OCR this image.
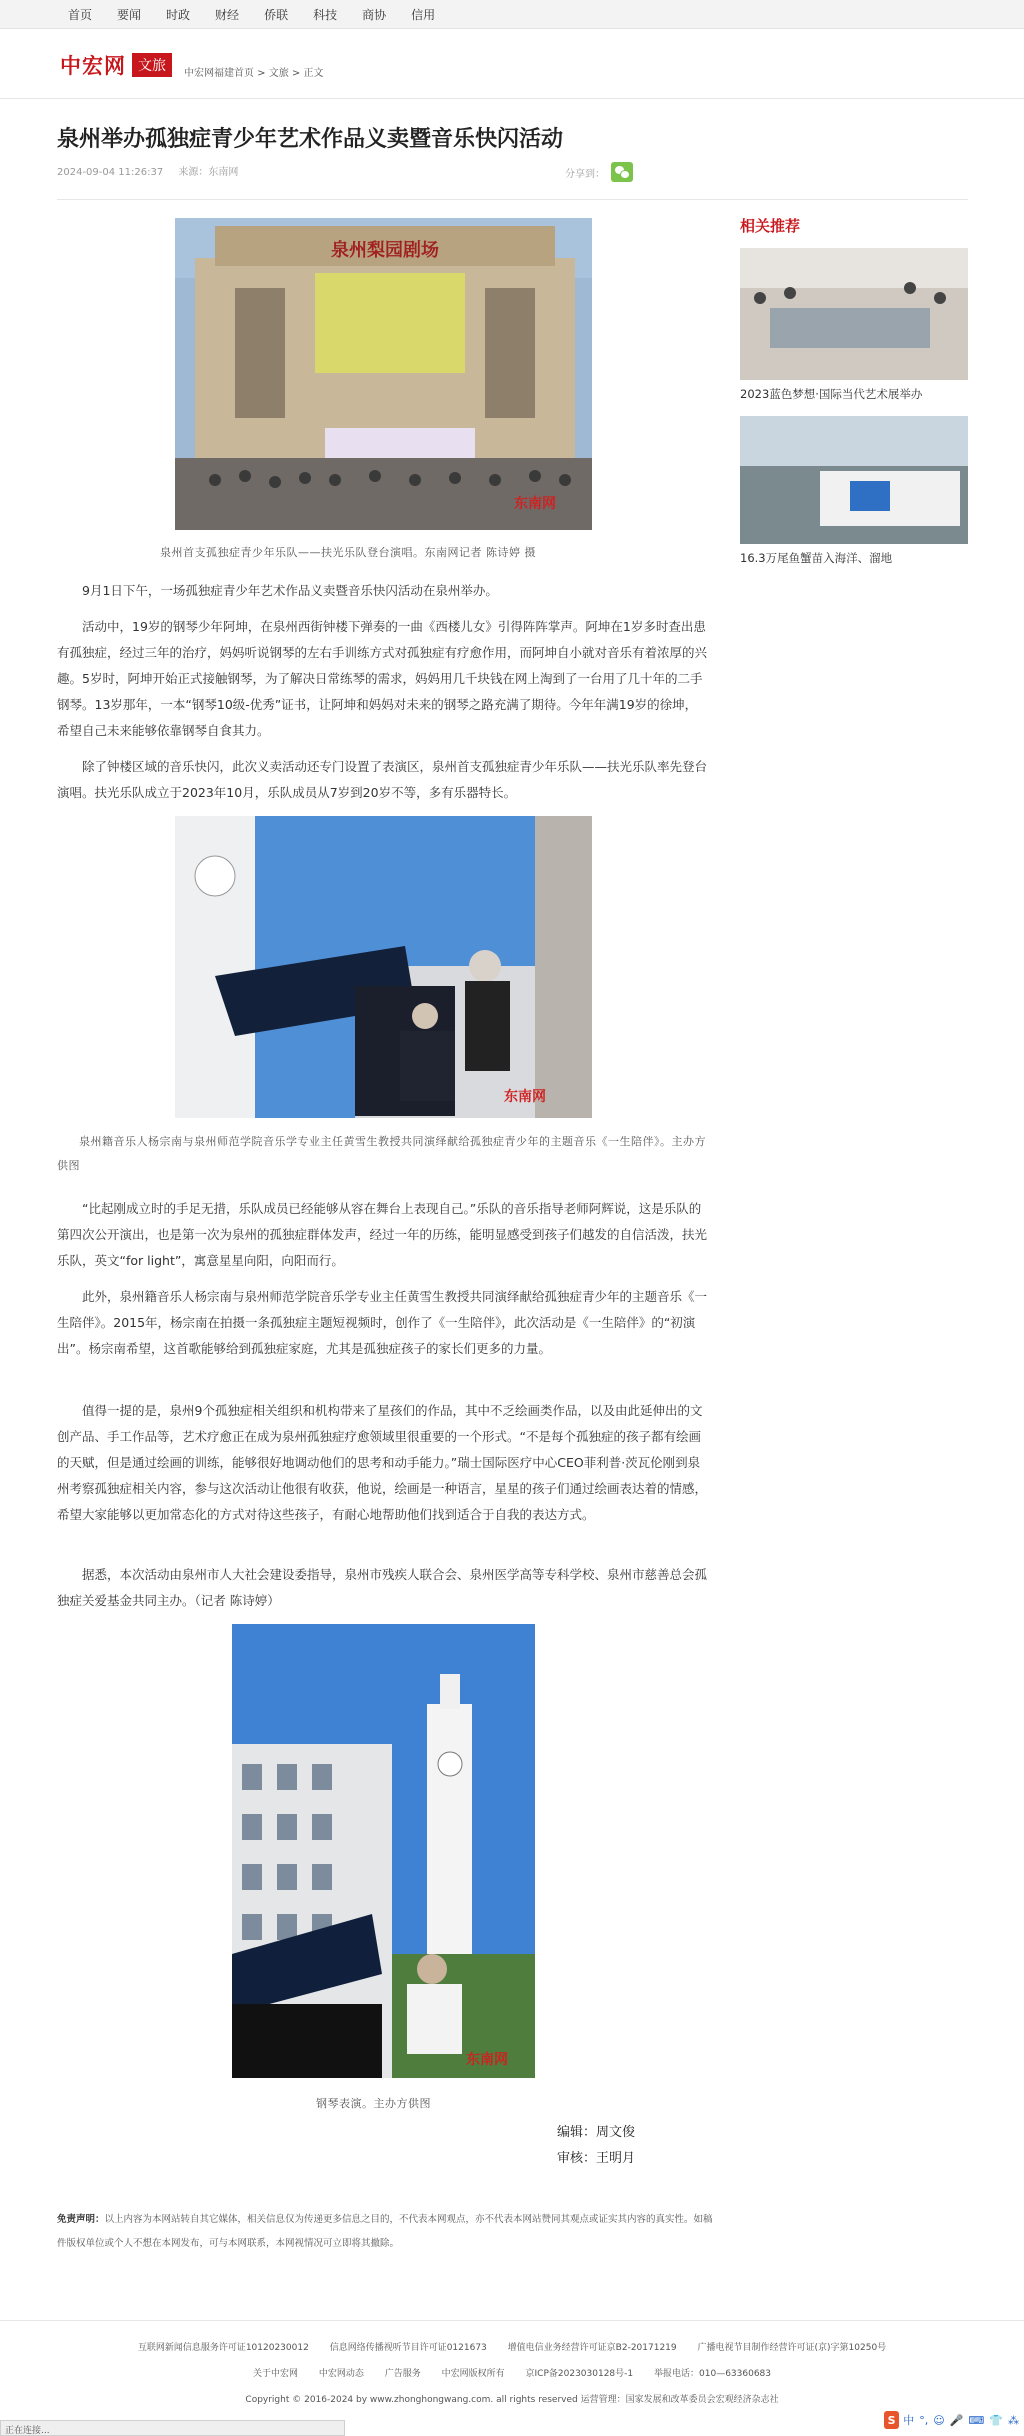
首页 要闻 时政 财经 侨联 科技 商协 信用
中宏网 文旅	中宏网福建首页 > 文旅 > 正文
泉州举办孤独症青少年艺术作品义卖暨音乐快闪活动
2024-09-04 11:26:37 来源：东南网	分享到：
泉州梨园剧场
东南网
泉州首支孤独症青少年乐队——扶光乐队登台演唱。东南网记者 陈诗婷 摄

9月1日下午，一场孤独症青少年艺术作品义卖暨音乐快闪活动在泉州举办。

活动中，19岁的钢琴少年阿坤，在泉州西街钟楼下弹奏的一曲《西楼儿女》引得阵阵掌声。阿坤在1岁多时查出患有孤独症，经过三年的治疗，妈妈听说钢琴的左右手训练方式对孤独症有疗愈作用，而阿坤自小就对音乐有着浓厚的兴趣。5岁时，阿坤开始正式接触钢琴，为了解决日常练琴的需求，妈妈用几千块钱在网上淘到了一台用了几十年的二手钢琴。13岁那年，一本“钢琴10级-优秀”证书，让阿坤和妈妈对未来的钢琴之路充满了期待。今年年满19岁的徐坤，希望自己未来能够依靠钢琴自食其力。

除了钟楼区域的音乐快闪，此次义卖活动还专门设置了表演区，泉州首支孤独症青少年乐队——扶光乐队率先登台演唱。扶光乐队成立于2023年10月，乐队成员从7岁到20岁不等，多有乐器特长。

东南网
泉州籍音乐人杨宗南与泉州师范学院音乐学专业主任黄雪生教授共同演绎献给孤独症青少年的主题音乐《一生陪伴》。主办方供图

“比起刚成立时的手足无措，乐队成员已经能够从容在舞台上表现自己。”乐队的音乐指导老师阿辉说，这是乐队的第四次公开演出，也是第一次为泉州的孤独症群体发声，经过一年的历练，能明显感受到孩子们越发的自信活泼，扶光乐队，英文“for light”，寓意星星向阳，向阳而行。

此外，泉州籍音乐人杨宗南与泉州师范学院音乐学专业主任黄雪生教授共同演绎献给孤独症青少年的主题音乐《一生陪伴》。2015年，杨宗南在拍摄一条孤独症主题短视频时，创作了《一生陪伴》，此次活动是《一生陪伴》的“初演出”。杨宗南希望，这首歌能够给到孤独症家庭，尤其是孤独症孩子的家长们更多的力量。

值得一提的是，泉州9个孤独症相关组织和机构带来了星孩们的作品，其中不乏绘画类作品，以及由此延伸出的文创产品、手工作品等，艺术疗愈正在成为泉州孤独症疗愈领域里很重要的一个形式。“不是每个孤独症的孩子都有绘画的天赋，但是通过绘画的训练，能够很好地调动他们的思考和动手能力。”瑞士国际医疗中心CEO菲利普·茨瓦伦刚到泉州考察孤独症相关内容，参与这次活动让他很有收获，他说，绘画是一种语言，星星的孩子们通过绘画表达着的情感，希望大家能够以更加常态化的方式对待这些孩子，有耐心地帮助他们找到适合于自我的表达方式。

据悉，本次活动由泉州市人大社会建设委指导，泉州市残疾人联合会、泉州医学高等专科学校、泉州市慈善总会孤独症关爱基金共同主办。（记者 陈诗婷）

东南网
钢琴表演。主办方供图
编辑：周文俊
审核：王明月
相关推荐
2023蓝色梦想·国际当代艺术展举办
16.3万尾鱼蟹苗入海洋、溜地
免责声明：以上内容为本网站转自其它媒体，相关信息仅为传递更多信息之目的，不代表本网观点，亦不代表本网站赞同其观点或证实其内容的真实性。如稿件版权单位或个人不想在本网发布，可与本网联系，本网视情况可立即将其撤除。
互联网新闻信息服务许可证10120230012 信息网络传播视听节目许可证0121673 增值电信业务经营许可证京B2-20171219 广播电视节目制作经营许可证(京)字第10250号
关于中宏网 中宏网动态 广告服务 中宏网版权所有 京ICP备2023030128号-1 举报电话：010—63360683
Copyright © 2016-2024 by www.zhonghongwang.com. all rights reserved 运营管理：国家发展和改革委员会宏观经济杂志社
正在连接...
S 中 °, ☺ 🎤 ⌨ 👕 ⁂
